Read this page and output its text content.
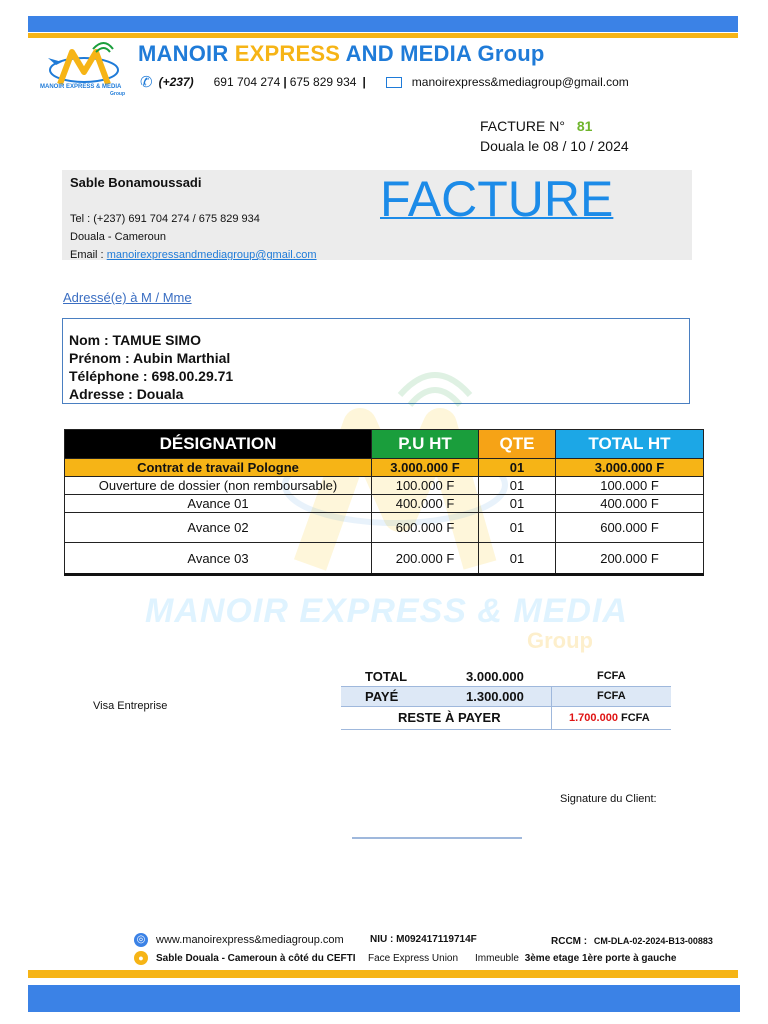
MANOIR EXPRESS & MEDIA
Group
MANOIR EXPRESS AND MEDIA Group
✆ (+237) 691 704 274 | 675 829 934 |	manoirexpress&mediagroup@gmail.com
FACTURE N° 81
Douala le 08 / 10 / 2024
Sable Bonamoussadi
Tel : (+237) 691 704 274 / 675 829 934
Douala - Cameroun
Email : manoirexpressandmediagroup@gmail.com
FACTURE
Adressé(e) à M / Mme
Nom : TAMUE SIMO
Prénom : Aubin Marthial
Téléphone : 698.00.29.71
Adresse : Douala
MANOIR EXPRESS & MEDIA
Group
DÉSIGNATION	P.U HT	QTE	TOTAL HT
Contrat de travail Pologne	3.000.000 F	01	3.000.000 F
Ouverture de dossier (non remboursable)	100.000 F	01	100.000 F
Avance 01	400.000 F	01	400.000 F
Avance 02	600.000 F	01	600.000 F
Avance 03	200.000 F	01	200.000 F
TOTAL	3.000.000	FCFA
PAYÉ	1.300.000	FCFA
RESTE À PAYER	1.700.000 FCFA
Visa Entreprise
Signature du Client:
◎ www.manoirexpress&mediagroup.com	NIU : M092417119714F	RCCM : CM-DLA-02-2024-B13-00883
●	Sable Douala - Cameroun à côté du CEFTI Face Express Union Immeuble 3ème etage 1ère porte à gauche
